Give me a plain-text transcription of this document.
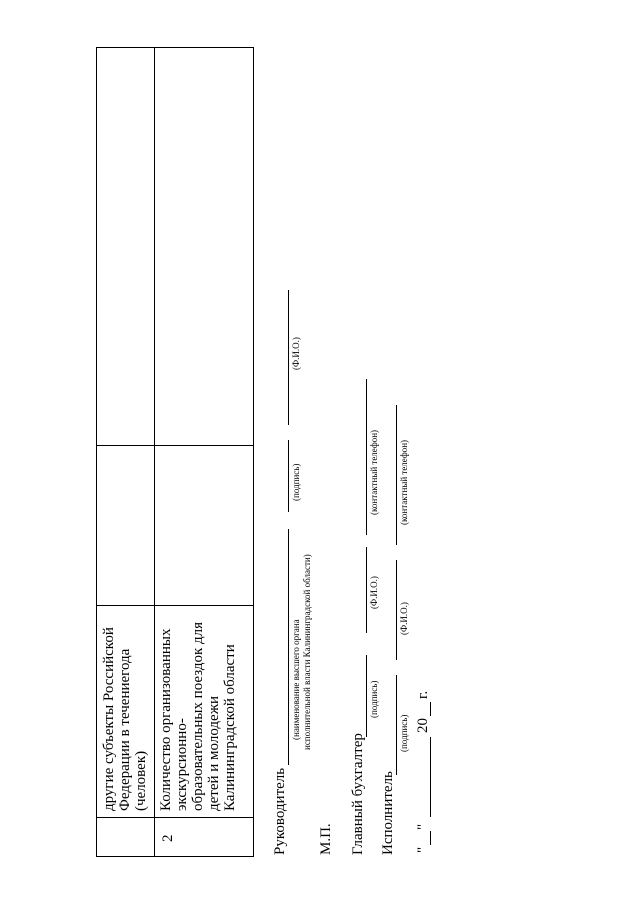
другие субъекты Российской Федерации в течениегода (человек)
2
Количество организованных экскурсионно- образовательных поездок для детей и молодежи Калининградской области
Руководитель
(наименование высшего органа исполнительной власти Калининградской области)
(подпись)
(Ф.И.О.)
М.П. Главный бухгалтер
(подпись)
(Ф.И.О.)
(контактный телефон)
Исполнитель
(подпись)
(Ф.И.О.)
(контактный телефон)
"
"
20
г.
